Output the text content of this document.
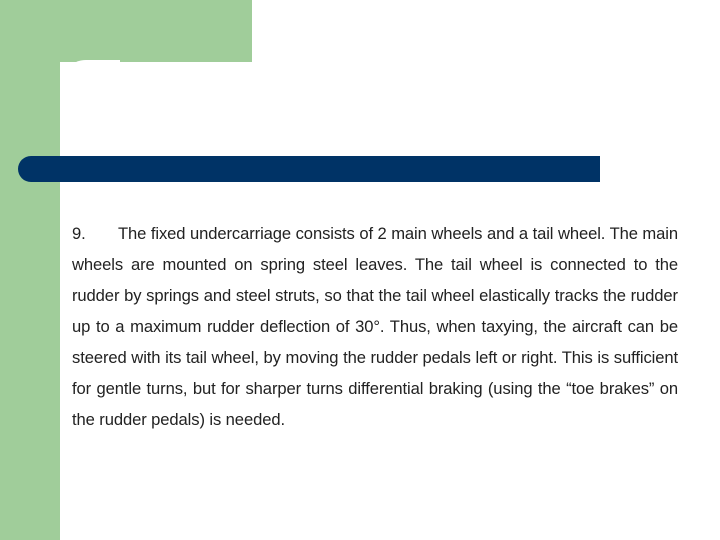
9. The fixed undercarriage consists of 2 main wheels and a tail wheel. The main wheels are mounted on spring steel leaves. The tail wheel is connected to the rudder by springs and steel struts, so that the tail wheel elastically tracks the rudder up to a maximum rudder deflection of 30°. Thus, when taxying, the aircraft can be steered with its tail wheel, by moving the rudder pedals left or right. This is sufficient for gentle turns, but for sharper turns differential braking (using the “toe brakes” on the rudder pedals) is needed.
